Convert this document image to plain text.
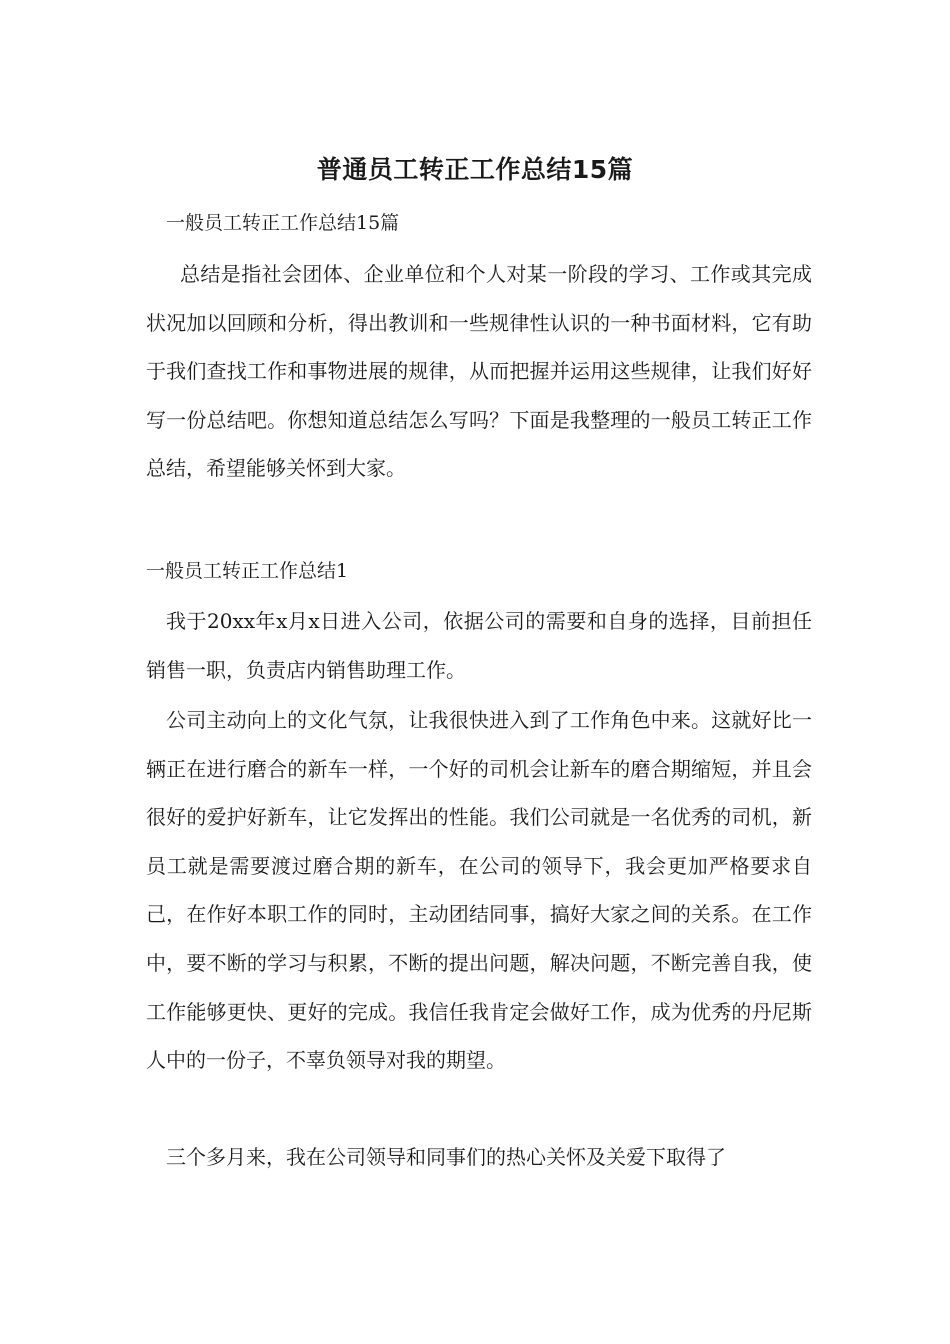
普通员工转正工作总结15篇
一般员工转正工作总结15篇

总结是指社会团体、企业单位和个人对某一阶段的学习、工作或其完成状况加以回顾和分析，得出教训和一些规律性认识的一种书面材料，它有助于我们查找工作和事物进展的规律，从而把握并运用这些规律，让我们好好写一份总结吧。你想知道总结怎么写吗？下面是我整理的一般员工转正工作总结，希望能够关怀到大家。

一般员工转正工作总结1

我于20xx年x月x日进入公司，依据公司的需要和自身的选择，目前担任销售一职，负责店内销售助理工作。

公司主动向上的文化气氛，让我很快进入到了工作角色中来。这就好比一辆正在进行磨合的新车一样，一个好的司机会让新车的磨合期缩短，并且会很好的爱护好新车，让它发挥出的性能。我们公司就是一名优秀的司机，新员工就是需要渡过磨合期的新车，在公司的领导下，我会更加严格要求自己，在作好本职工作的同时，主动团结同事，搞好大家之间的关系。在工作中，要不断的学习与积累，不断的提出问题，解决问题，不断完善自我，使工作能够更快、更好的完成。我信任我肯定会做好工作，成为优秀的丹尼斯人中的一份子，不辜负领导对我的期望。

三个多月来，我在公司领导和同事们的热心关怀及关爱下取得了
